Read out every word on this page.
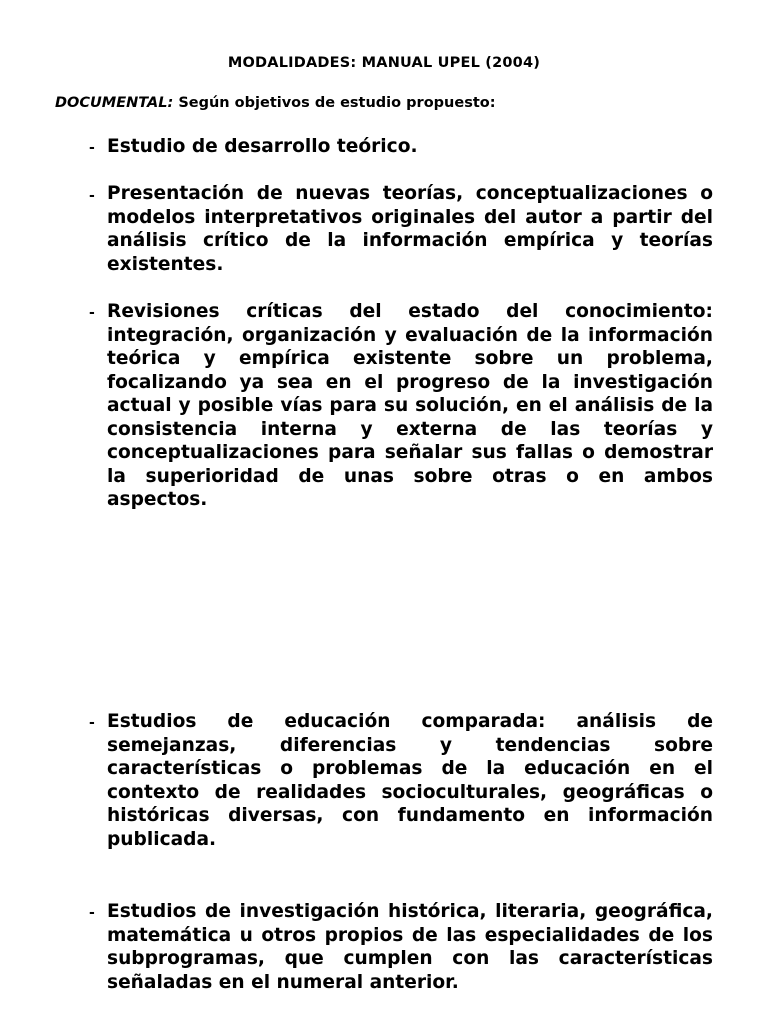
MODALIDADES: MANUAL UPEL (2004)
DOCUMENTAL: Según objetivos de estudio propuesto:
- Estudio de desarrollo teórico.
- Presentación de nuevas teorías, conceptualizaciones o modelos interpretativos originales del autor a partir del análisis crítico de la información empírica y teorías existentes.
- Revisiones críticas del estado del conocimiento: integración, organización y evaluación de la información teórica y empírica existente sobre un problema, focalizando ya sea en el progreso de la investigación actual y posible vías para su solución, en el análisis de la consistencia interna y externa de las teorías y conceptualizaciones para señalar sus fallas o demostrar la superioridad de unas sobre otras o en ambos aspectos.
- Estudios de educación comparada: análisis de semejanzas, diferencias y tendencias sobre características o problemas de la educación en el contexto de realidades socioculturales, geográficas o históricas diversas, con fundamento en información publicada.
- Estudios de investigación histórica, literaria, geográfica, matemática u otros propios de las especialidades de los subprogramas, que cumplen con las características señaladas en el numeral anterior.
